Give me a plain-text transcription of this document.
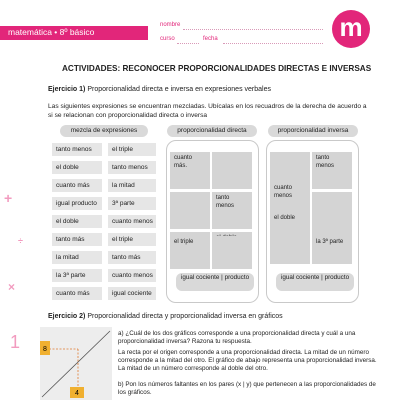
matemática • 8º básico
nombre
curso	fecha	m
+
÷
×
1
ACTIVIDADES: RECONOCER PROPORCIONALIDADES DIRECTAS E INVERSAS
Ejercicio 1) Proporcionalidad directa e inversa en expresiones verbales
Las siguientes expresiones se encuentran mezcladas. Ubícalas en los recuadros de la derecha de acuerdo a si se relacionan con proporcionalidad directa o inversa
mezcla de expresiones	proporcionalidad directa	proporcionalidad inversa
tanto menos	el triple
el doble	tanto menos
cuanto más	la mitad
igual producto	3ª parte
el doble	cuanto menos
tanto más	el triple
la mitad	tanto más
la 3ª parte	cuanto menos
cuanto más	igual cociente
cuanto más.
tanto menos
el triple
igual cociente | producto
tanto menos
cuanto menos
el doble
la 3ª parte
igual cociente | producto
Ejercicio 2) Proporcionalidad directa y proporcionalidad inversa en gráficos
8
4
a) ¿Cuál de los dos gráficos corresponde a una proporcionalidad directa y cuál a una proporcionalidad inversa? Razona tu respuesta.
La recta por el origen corresponde a una proporcionalidad directa. La mitad de un número corresponde a la mitad del otro. El gráfico de abajo representa una proporcionalidad inversa. La mitad de un número corresponde al doble del otro.
b) Pon los números faltantes en los pares (x | y) que pertenecen a las proporcionalidades de los gráficos.
